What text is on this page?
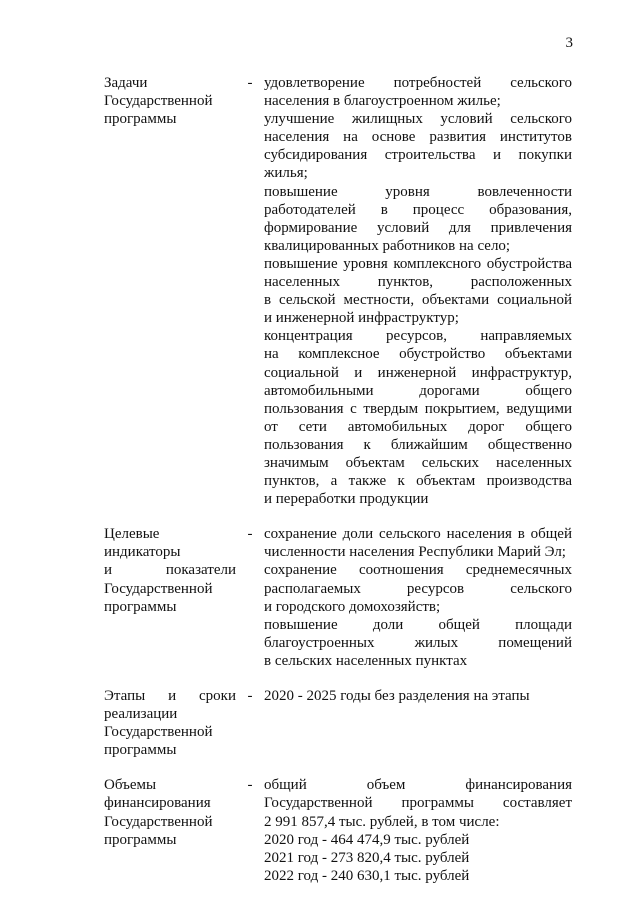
3
Задачи
Государственной
программы
- удовлетворение потребностей сельского
населения в благоустроенном жилье;
улучшение жилищных условий сельского
населения на основе развития институтов
субсидирования строительства и покупки
жилья;
повышение уровня вовлеченности
работодателей в процесс образования,
формирование условий для привлечения
квалицированных работников на село;
повышение уровня комплексного обустройства
населенных пунктов, расположенных
в сельской местности, объектами социальной
и инженерной инфраструктур;
концентрация ресурсов, направляемых
на комплексное обустройство объектами
социальной и инженерной инфраструктур,
автомобильными дорогами общего
пользования с твердым покрытием, ведущими
от сети автомобильных дорог общего
пользования к ближайшим общественно
значимым объектам сельских населенных
пунктов, а также к объектам производства
и переработки продукции
Целевые
индикаторы
и показатели
Государственной
программы
- сохранение доли сельского населения в общей
численности населения Республики Марий Эл;
сохранение соотношения среднемесячных
располагаемых ресурсов сельского
и городского домохозяйств;
повышение доли общей площади
благоустроенных жилых помещений
в сельских населенных пунктах
Этапы и сроки
реализации
Государственной
программы
- 2020 - 2025 годы без разделения на этапы
Объемы
финансирования
Государственной
программы
- общий объем финансирования
Государственной программы составляет
2 991 857,4 тыс. рублей, в том числе:
2020 год - 464 474,9 тыс. рублей
2021 год - 273 820,4 тыс. рублей
2022 год - 240 630,1 тыс. рублей
